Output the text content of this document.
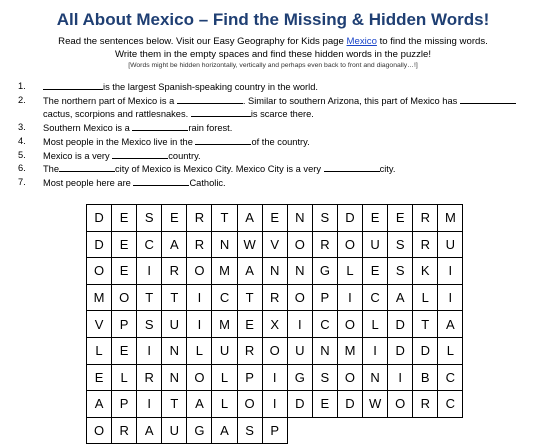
All About Mexico – Find the Missing & Hidden Words!
Read the sentences below. Visit our Easy Geography for Kids page Mexico to find the missing words.
Write them in the empty spaces and find these hidden words in the puzzle!
[Words might be hidden horizontally, vertically and perhaps even back to front and diagonally…!]
1.	is the largest Spanish-speaking country in the world.
2.	The northern part of Mexico is a	. Similar to southern Arizona, this part of Mexico has
cactus, scorpions and rattlesnakes.	is scarce there.
3.	Southern Mexico is a	rain forest.
4.	Most people in the Mexico live in the	of the country.
5.	Mexico is a very	country.
6.	The	city of Mexico is Mexico City. Mexico City is a very	city.
7.	Most people here are	Catholic.
D	E	S	E	R	T	A	E	N	S	D	E	E	R	M
D	E	C	A	R	N	W	V	O	R	O	U	S	R	U
O	E	I	R	O	M	A	N	N	G	L	E	S	K	I
M	O	T	T	I	C	T	R	O	P	I	C	A	L	I
V	P	S	U	I	M	E	X	I	C	O	L	D	T	A
L	E	I	N	L	U	R	O	U	N	M	I	D	D	L
E	L	R	N	O	L	P	I	G	S	O	N	I	B	C
A	P	I	T	A	L	O	I	D	E	D	W	O	R	C
O	R	A	U	G	A	S	P
